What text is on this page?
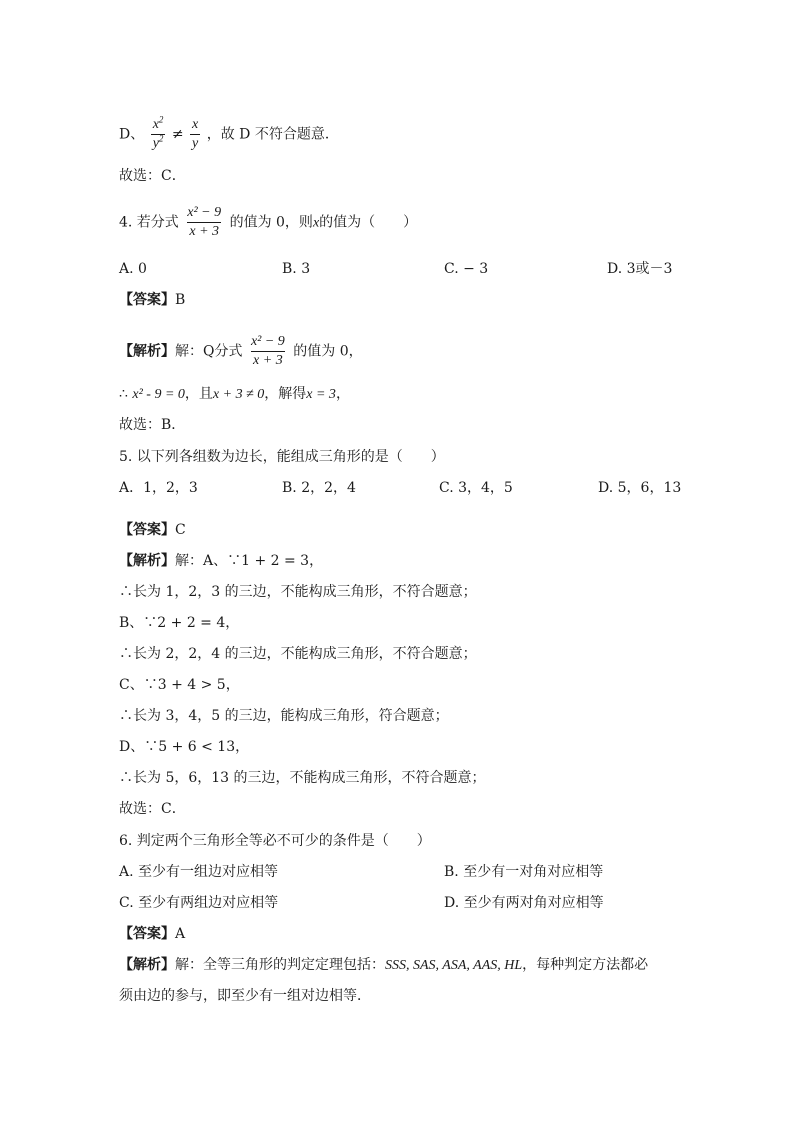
D、 $\frac{x^2}{y^2} \ne \frac{x}{y}$ ，故 D 不符合题意．
故选：C．
4. 若分式 $\frac{\text{x² − 9}}{x + 3}$ 的值为 0，则x的值为（　　）
A. 0	B. 3	C. − 3	D. 3或－3
【答案】B
【解析】解：Q分式 $\frac{\text{x² − 9}}{x + 3}$ 的值为 0，
∴ x² - 9 = 0，且x + 3 ≠ 0，解得x = 3，
故选：B．
5. 以下列各组数为边长，能组成三角形的是（　　）
A．1，2，3	B. 2，2，4	C. 3，4，5	D. 5，6，13
【答案】C
【解析】解：A、∵1 + 2 = 3，
∴长为 1，2，3 的三边，不能构成三角形，不符合题意；
B、∵2 + 2 = 4，
∴长为 2，2，4 的三边，不能构成三角形，不符合题意；
C、∵3 + 4 > 5，
∴长为 3，4，5 的三边，能构成三角形，符合题意；
D、∵5 + 6 < 13，
∴长为 5，6，13 的三边，不能构成三角形，不符合题意；
故选：C．
6. 判定两个三角形全等必不可少的条件是（　　）
A. 至少有一组边对应相等	B. 至少有一对角对应相等
C. 至少有两组边对应相等	D. 至少有两对角对应相等
【答案】A
【解析】解：全等三角形的判定定理包括：SSS, SAS, ASA, AAS, HL，每种判定方法都必
须由边的参与，即至少有一组对边相等．
